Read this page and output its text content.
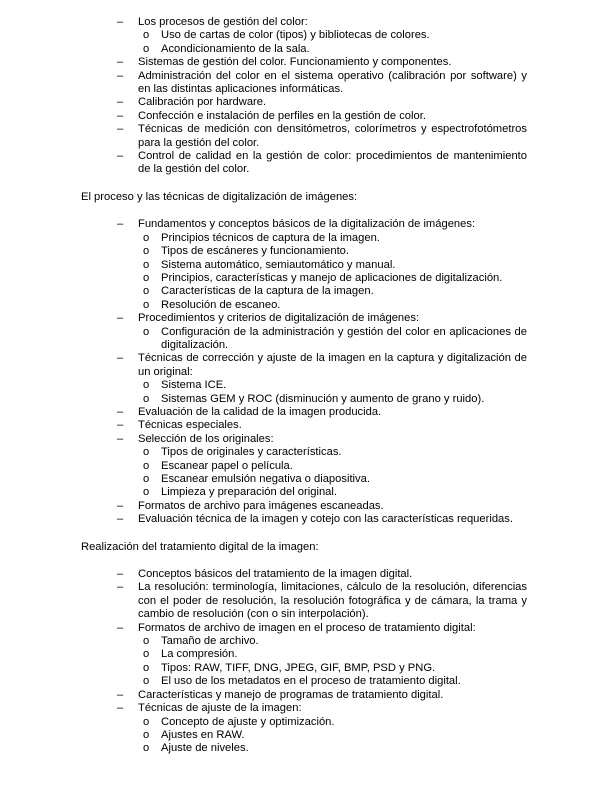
– Los procesos de gestión del color:
o Uso de cartas de color (tipos) y bibliotecas de colores.
o Acondicionamiento de la sala.
– Sistemas de gestión del color. Funcionamiento y componentes.
– Administración del color en el sistema operativo (calibración por software) y en las distintas aplicaciones informáticas.
– Calibración por hardware.
– Confección e instalación de perfiles en la gestión de color.
– Técnicas de medición con densitómetros, colorímetros y espectrofotómetros para la gestión del color.
– Control de calidad en la gestión de color: procedimientos de mantenimiento de la gestión del color.
El proceso y las técnicas de digitalización de imágenes:
– Fundamentos y conceptos básicos de la digitalización de imágenes:
o Principios técnicos de captura de la imagen.
o Tipos de escáneres y funcionamiento.
o Sistema automático, semiautomático y manual.
o Principios, características y manejo de aplicaciones de digitalización.
o Características de la captura de la imagen.
o Resolución de escaneo.
– Procedimientos y criterios de digitalización de imágenes:
o Configuración de la administración y gestión del color en aplicaciones de digitalización.
– Técnicas de corrección y ajuste de la imagen en la captura y digitalización de un original:
o Sistema ICE.
o Sistemas GEM y ROC (disminución y aumento de grano y ruido).
– Evaluación de la calidad de la imagen producida.
– Técnicas especiales.
– Selección de los originales:
o Tipos de originales y características.
o Escanear papel o película.
o Escanear emulsión negativa o diapositiva.
o Limpieza y preparación del original.
– Formatos de archivo para imágenes escaneadas.
– Evaluación técnica de la imagen y cotejo con las características requeridas.
Realización del tratamiento digital de la imagen:
– Conceptos básicos del tratamiento de la imagen digital.
– La resolución: terminología, limitaciones, cálculo de la resolución, diferencias con el poder de resolución, la resolución fotográfica y de cámara, la trama y cambio de resolución (con o sin interpolación).
– Formatos de archivo de imagen en el proceso de tratamiento digital:
o Tamaño de archivo.
o La compresión.
o Tipos: RAW, TIFF, DNG, JPEG, GIF, BMP, PSD y PNG.
o El uso de los metadatos en el proceso de tratamiento digital.
– Características y manejo de programas de tratamiento digital.
– Técnicas de ajuste de la imagen:
o Concepto de ajuste y optimización.
o Ajustes en RAW.
o Ajuste de niveles.
